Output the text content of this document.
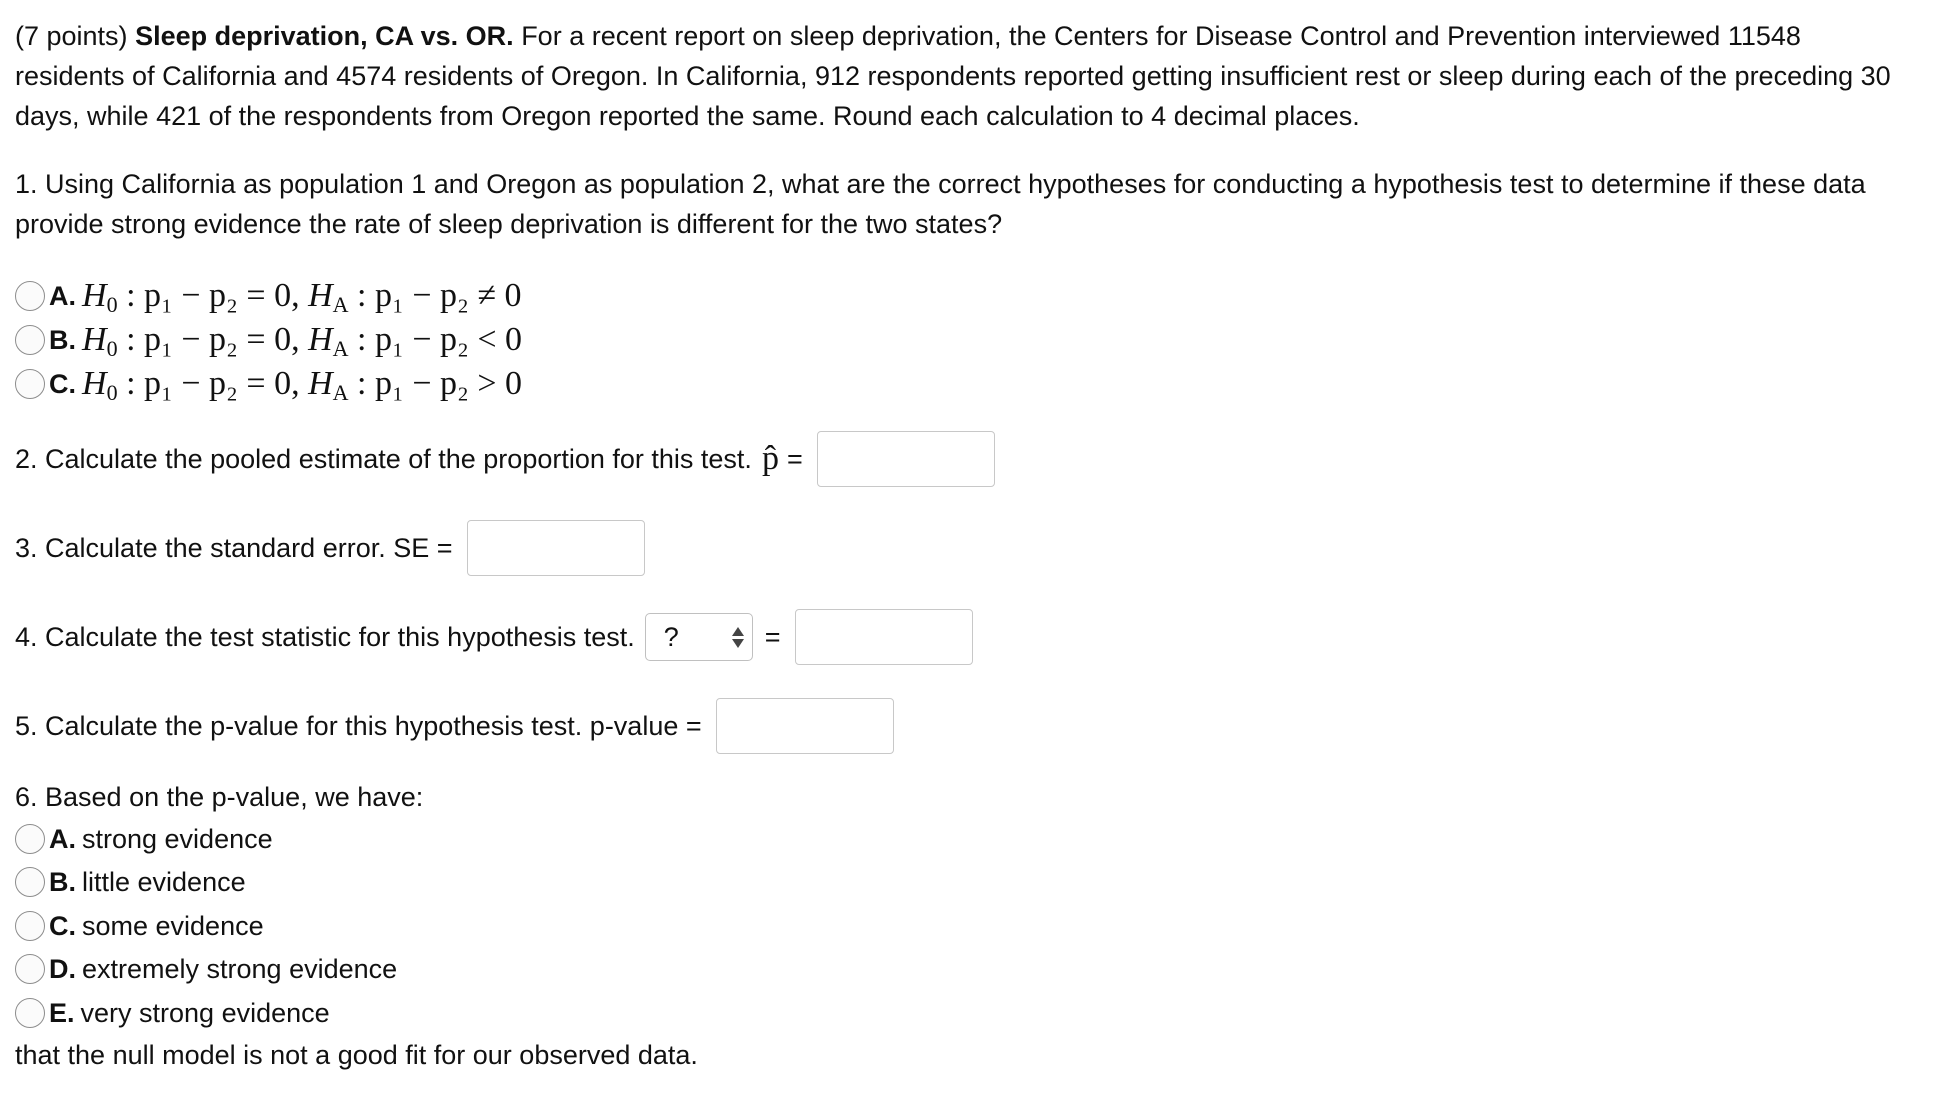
(7 points) Sleep deprivation, CA vs. OR. For a recent report on sleep deprivation, the Centers for Disease Control and Prevention interviewed 11548 residents of California and 4574 residents of Oregon. In California, 912 respondents reported getting insufficient rest or sleep during each of the preceding 30 days, while 421 of the respondents from Oregon reported the same. Round each calculation to 4 decimal places.

1. Using California as population 1 and Oregon as population 2, what are the correct hypotheses for conducting a hypothesis test to determine if these data provide strong evidence the rate of sleep deprivation is different for the two states?

A. $H_0$ : p₁ − p₂ = 0, $H_A$ : p₁ − p₂ ≠ 0
B. $H_0$ : p₁ − p₂ = 0, $H_A$ : p₁ − p₂ < 0
C. $H_0$ : p₁ − p₂ = 0, $H_A$ : p₁ − p₂ > 0
2. Calculate the pooled estimate of the proportion for this test. p̂ =
3. Calculate the standard error. SE =
4. Calculate the test statistic for this hypothesis test. ?	=
5. Calculate the p-value for this hypothesis test. p-value =

6. Based on the p-value, we have:

A. strong evidence
B. little evidence
C. some evidence
D. extremely strong evidence
E. very strong evidence

that the null model is not a good fit for our observed data.
